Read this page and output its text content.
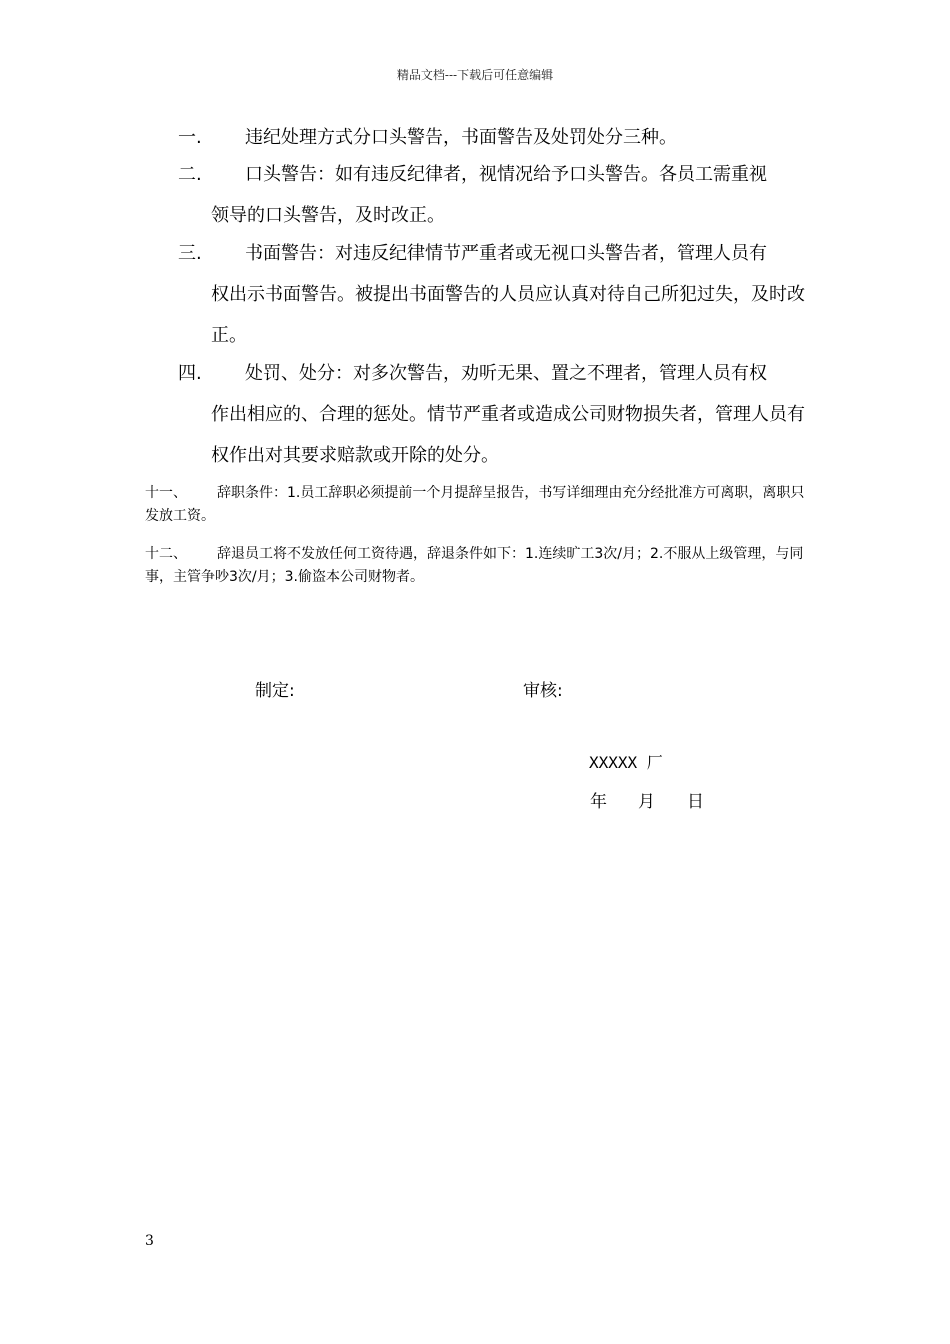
精品文档---下载后可任意编辑
一.	违纪处理方式分口头警告，书面警告及处罚处分三种。
二.	口头警告：如有违反纪律者，视情况给予口头警告。各员工需重视
领导的口头警告，及时改正。
三.	书面警告：对违反纪律情节严重者或无视口头警告者，管理人员有
权出示书面警告。被提出书面警告的人员应认真对待自己所犯过失，及时改正。
四.	处罚、处分：对多次警告，劝听无果、置之不理者，管理人员有权
作出相应的、合理的惩处。情节严重者或造成公司财物损失者，管理人员有权作出对其要求赔款或开除的处分。
十一、 辞职条件：1.员工辞职必须提前一个月提辞呈报告，书写详细理由充分经批准方可离职，离职只发放工资。
十二、 辞退员工将不发放任何工资待遇，辞退条件如下：1.连续旷工3次/月；2.不服从上级管理，与同事，主管争吵3次/月；3.偷盗本公司财物者。
制定:	审核:
XXXXX 厂
年 月 日
3
